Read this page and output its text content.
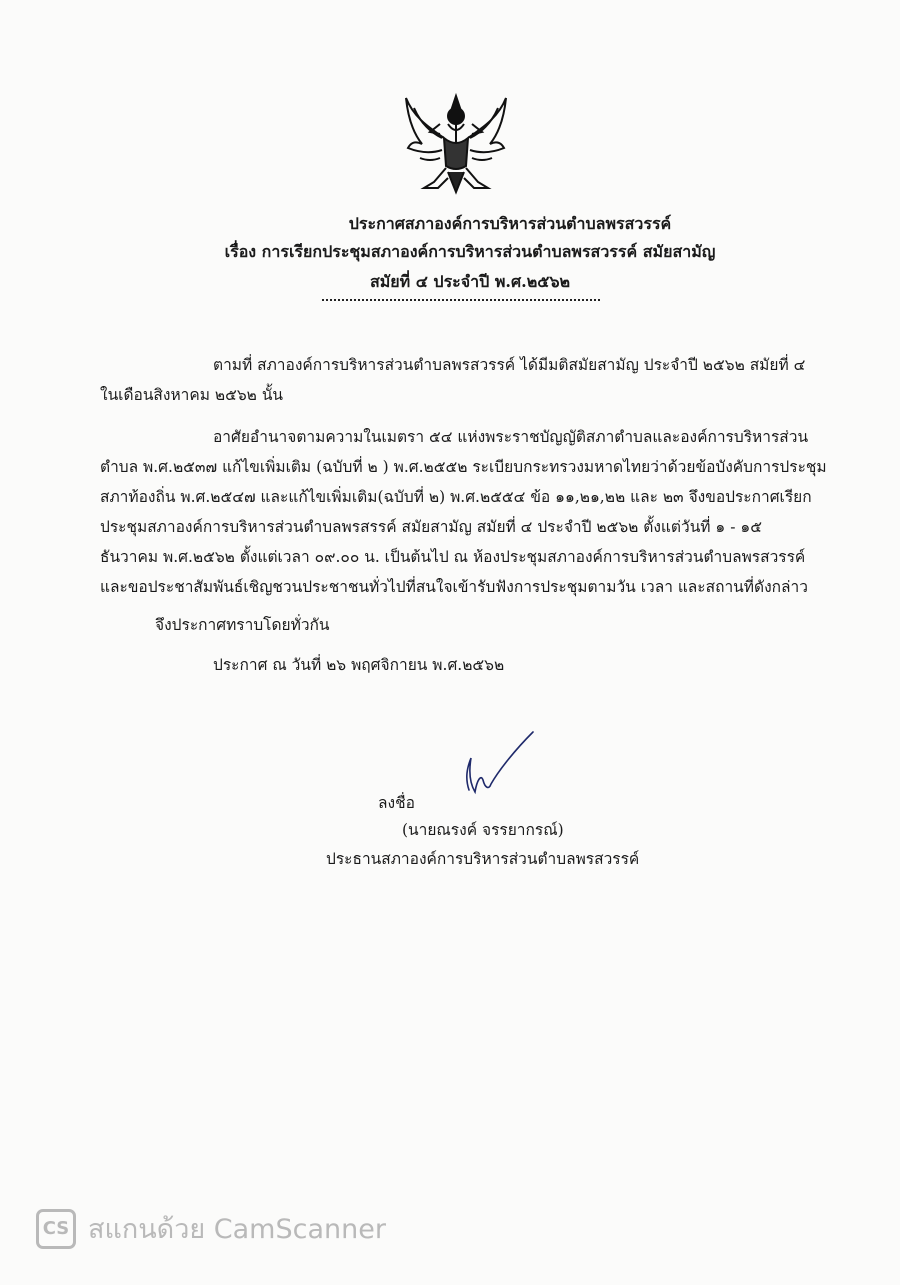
ประกาศสภาองค์การบริหารส่วนตำบลพรสวรรค์
เรื่อง การเรียกประชุมสภาองค์การบริหารส่วนตำบลพรสวรรค์ สมัยสามัญ
สมัยที่ ๔ ประจำปี พ.ศ.๒๕๖๒
ตามที่ สภาองค์การบริหารส่วนตำบลพรสวรรค์ ได้มีมติสมัยสามัญ ประจำปี ๒๕๖๒ สมัยที่ ๔
ในเดือนสิงหาคม ๒๕๖๒ นั้น
อาศัยอำนาจตามความในเมตรา ๕๔ แห่งพระราชบัญญัติสภาตำบลและองค์การบริหารส่วน
ตำบล พ.ศ.๒๕๓๗ แก้ไขเพิ่มเติม (ฉบับที่ ๒ ) พ.ศ.๒๕๕๒ ระเบียบกระทรวงมหาดไทยว่าด้วยข้อบังคับการประชุม
สภาท้องถิ่น พ.ศ.๒๕๔๗ และแก้ไขเพิ่มเติม(ฉบับที่ ๒) พ.ศ.๒๕๕๔ ข้อ ๑๑,๒๑,๒๒ และ ๒๓ จึงขอประกาศเรียก
ประชุมสภาองค์การบริหารส่วนตำบลพรสรรค์ สมัยสามัญ สมัยที่ ๔ ประจำปี ๒๕๖๒ ตั้งแต่วันที่ ๑ - ๑๕
ธันวาคม พ.ศ.๒๕๖๒ ตั้งแต่เวลา ๐๙.๐๐ น. เป็นต้นไป ณ ห้องประชุมสภาองค์การบริหารส่วนตำบลพรสวรรค์
และขอประชาสัมพันธ์เชิญชวนประชาชนทั่วไปที่สนใจเข้ารับฟังการประชุมตามวัน เวลา และสถานที่ดังกล่าว
จึงประกาศทราบโดยทั่วกัน
ประกาศ ณ วันที่ ๒๖ พฤศจิกายน พ.ศ.๒๕๖๒
ลงชื่อ
(นายณรงค์ จรรยากรณ์)
ประธานสภาองค์การบริหารส่วนตำบลพรสวรรค์
CS สแกนด้วย CamScanner
